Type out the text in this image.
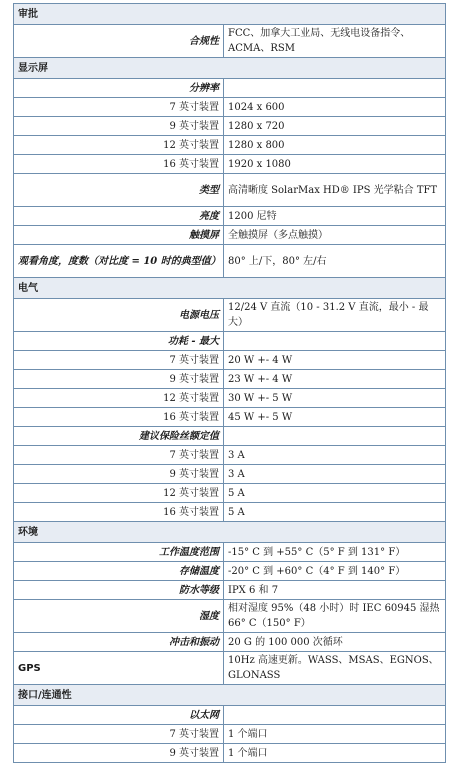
审批	
合规性	FCC、加拿大工业局、无线电设备指令、ACMA、RSM
显示屏	
分辨率	
7 英寸装置	1024 x 600
9 英寸装置	1280 x 720
12 英寸装置	1280 x 800
16 英寸装置	1920 x 1080
类型	高清晰度 SolarMax HD® IPS 光学粘合 TFT
亮度	1200 尼特
触摸屏	全触摸屏（多点触摸）
观看角度，度数（对比度 = 10 时的典型值）	80° 上/下，80° 左/右
电气	
电源电压	12/24 V 直流（10 - 31.2 V 直流，最小 - 最大）
功耗 - 最大	
7 英寸装置	20 W +- 4 W
9 英寸装置	23 W +- 4 W
12 英寸装置	30 W +- 5 W
16 英寸装置	45 W +- 5 W
建议保险丝额定值	
7 英寸装置	3 A
9 英寸装置	3 A
12 英寸装置	5 A
16 英寸装置	5 A
环境	
工作温度范围	-15° C 到 +55° C（5° F 到 131° F）
存储温度	-20° C 到 +60° C（4° F 到 140° F）
防水等级	IPX 6 和 7
湿度	相对湿度 95%（48 小时）时 IEC 60945 湿热 66° C（150° F）
冲击和振动	20 G 的 100 000 次循环
GPS	10Hz 高速更新。WASS、MSAS、EGNOS、GLONASS
接口/连通性	
以太网	
7 英寸装置	1 个端口
9 英寸装置	1 个端口
